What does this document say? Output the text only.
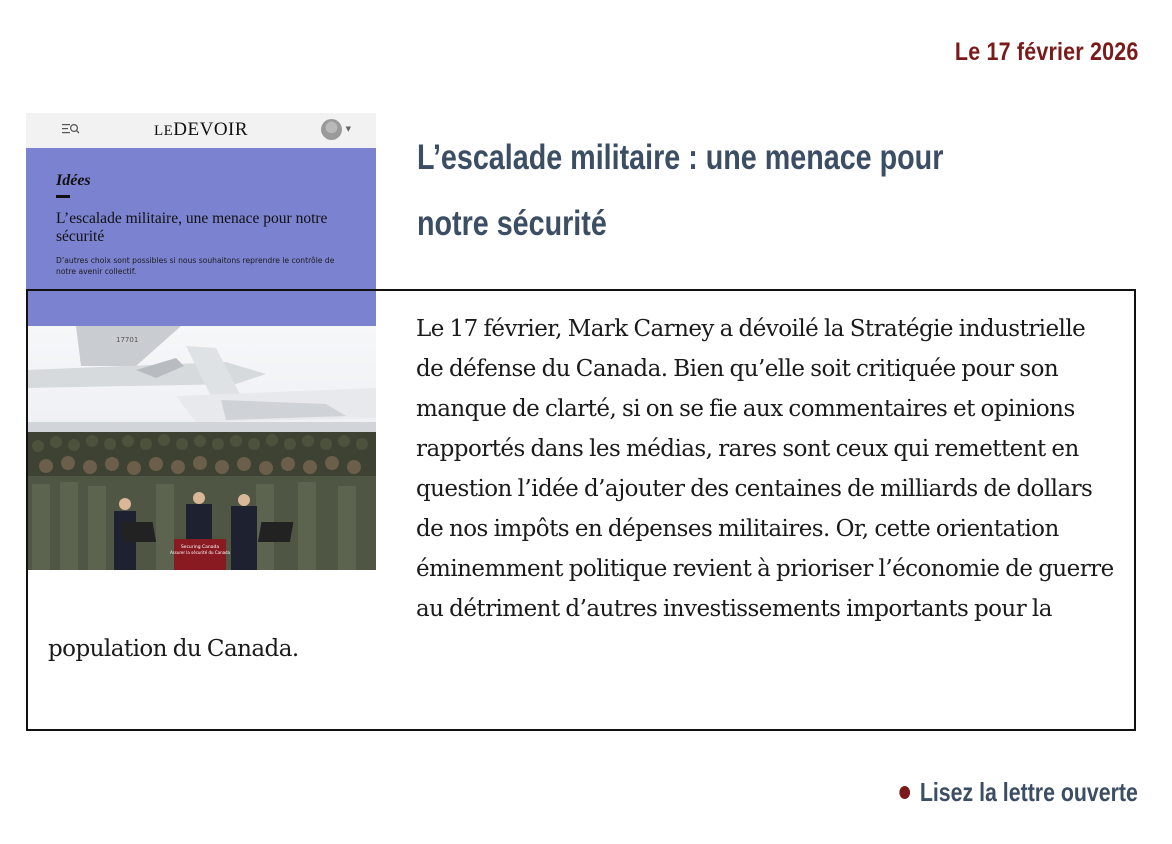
Le 17 février 2026
LEDEVOIR	▼
Idées
L’escalade militaire, une menace pour notre sécurité
D’autres choix sont possibles si nous souhaitons reprendre le contrôle de notre avenir collectif.
17701
Securing Canada
Assurer la sécurité du Canada
L’escalade militaire : une menace pour notre sécurité
Le 17 février, Mark Carney a dévoilé la Stratégie industrielle de défense du Canada. Bien qu’elle soit critiquée pour son manque de clarté, si on se fie aux commentaires et opinions rapportés dans les médias, rares sont ceux qui remettent en question l’idée d’ajouter des centaines de milliards de dollars de nos impôts en dépenses militaires. Or, cette orientation éminemment politique revient à prioriser l’économie de guerre au détriment d’autres investissements importants pour la population du Canada.
Lisez la lettre ouverte
